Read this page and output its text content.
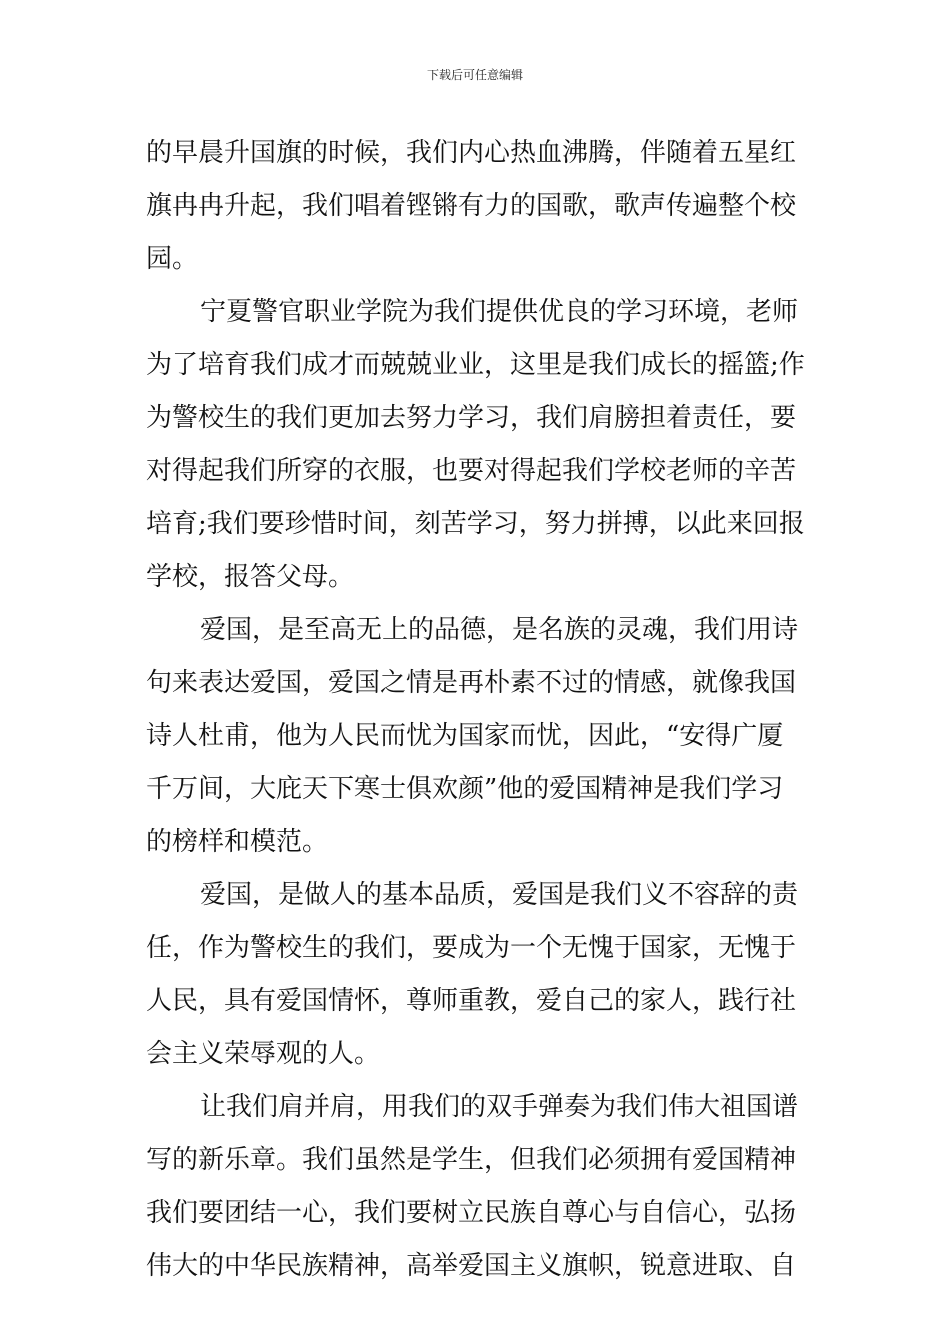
下载后可任意编辑
的早晨升国旗的时候，我们内心热血沸腾，伴随着五星红
旗冉冉升起，我们唱着铿锵有力的国歌，歌声传遍整个校
园。
宁夏警官职业学院为我们提供优良的学习环境，老师
为了培育我们成才而兢兢业业，这里是我们成长的摇篮;作
为警校生的我们更加去努力学习，我们肩膀担着责任，要
对得起我们所穿的衣服，也要对得起我们学校老师的辛苦
培育;我们要珍惜时间，刻苦学习，努力拼搏，以此来回报
学校，报答父母。
爱国，是至高无上的品德，是名族的灵魂，我们用诗
句来表达爱国，爱国之情是再朴素不过的情感，就像我国
诗人杜甫，他为人民而忧为国家而忧，因此，“安得广厦
千万间，大庇天下寒士俱欢颜”他的爱国精神是我们学习
的榜样和模范。
爱国，是做人的基本品质，爱国是我们义不容辞的责
任，作为警校生的我们，要成为一个无愧于国家，无愧于
人民，具有爱国情怀，尊师重教，爱自己的家人，践行社
会主义荣辱观的人。
让我们肩并肩，用我们的双手弹奏为我们伟大祖国谱
写的新乐章。我们虽然是学生，但我们必须拥有爱国精神
我们要团结一心，我们要树立民族自尊心与自信心，弘扬
伟大的中华民族精神，高举爱国主义旗帜，锐意进取、自
